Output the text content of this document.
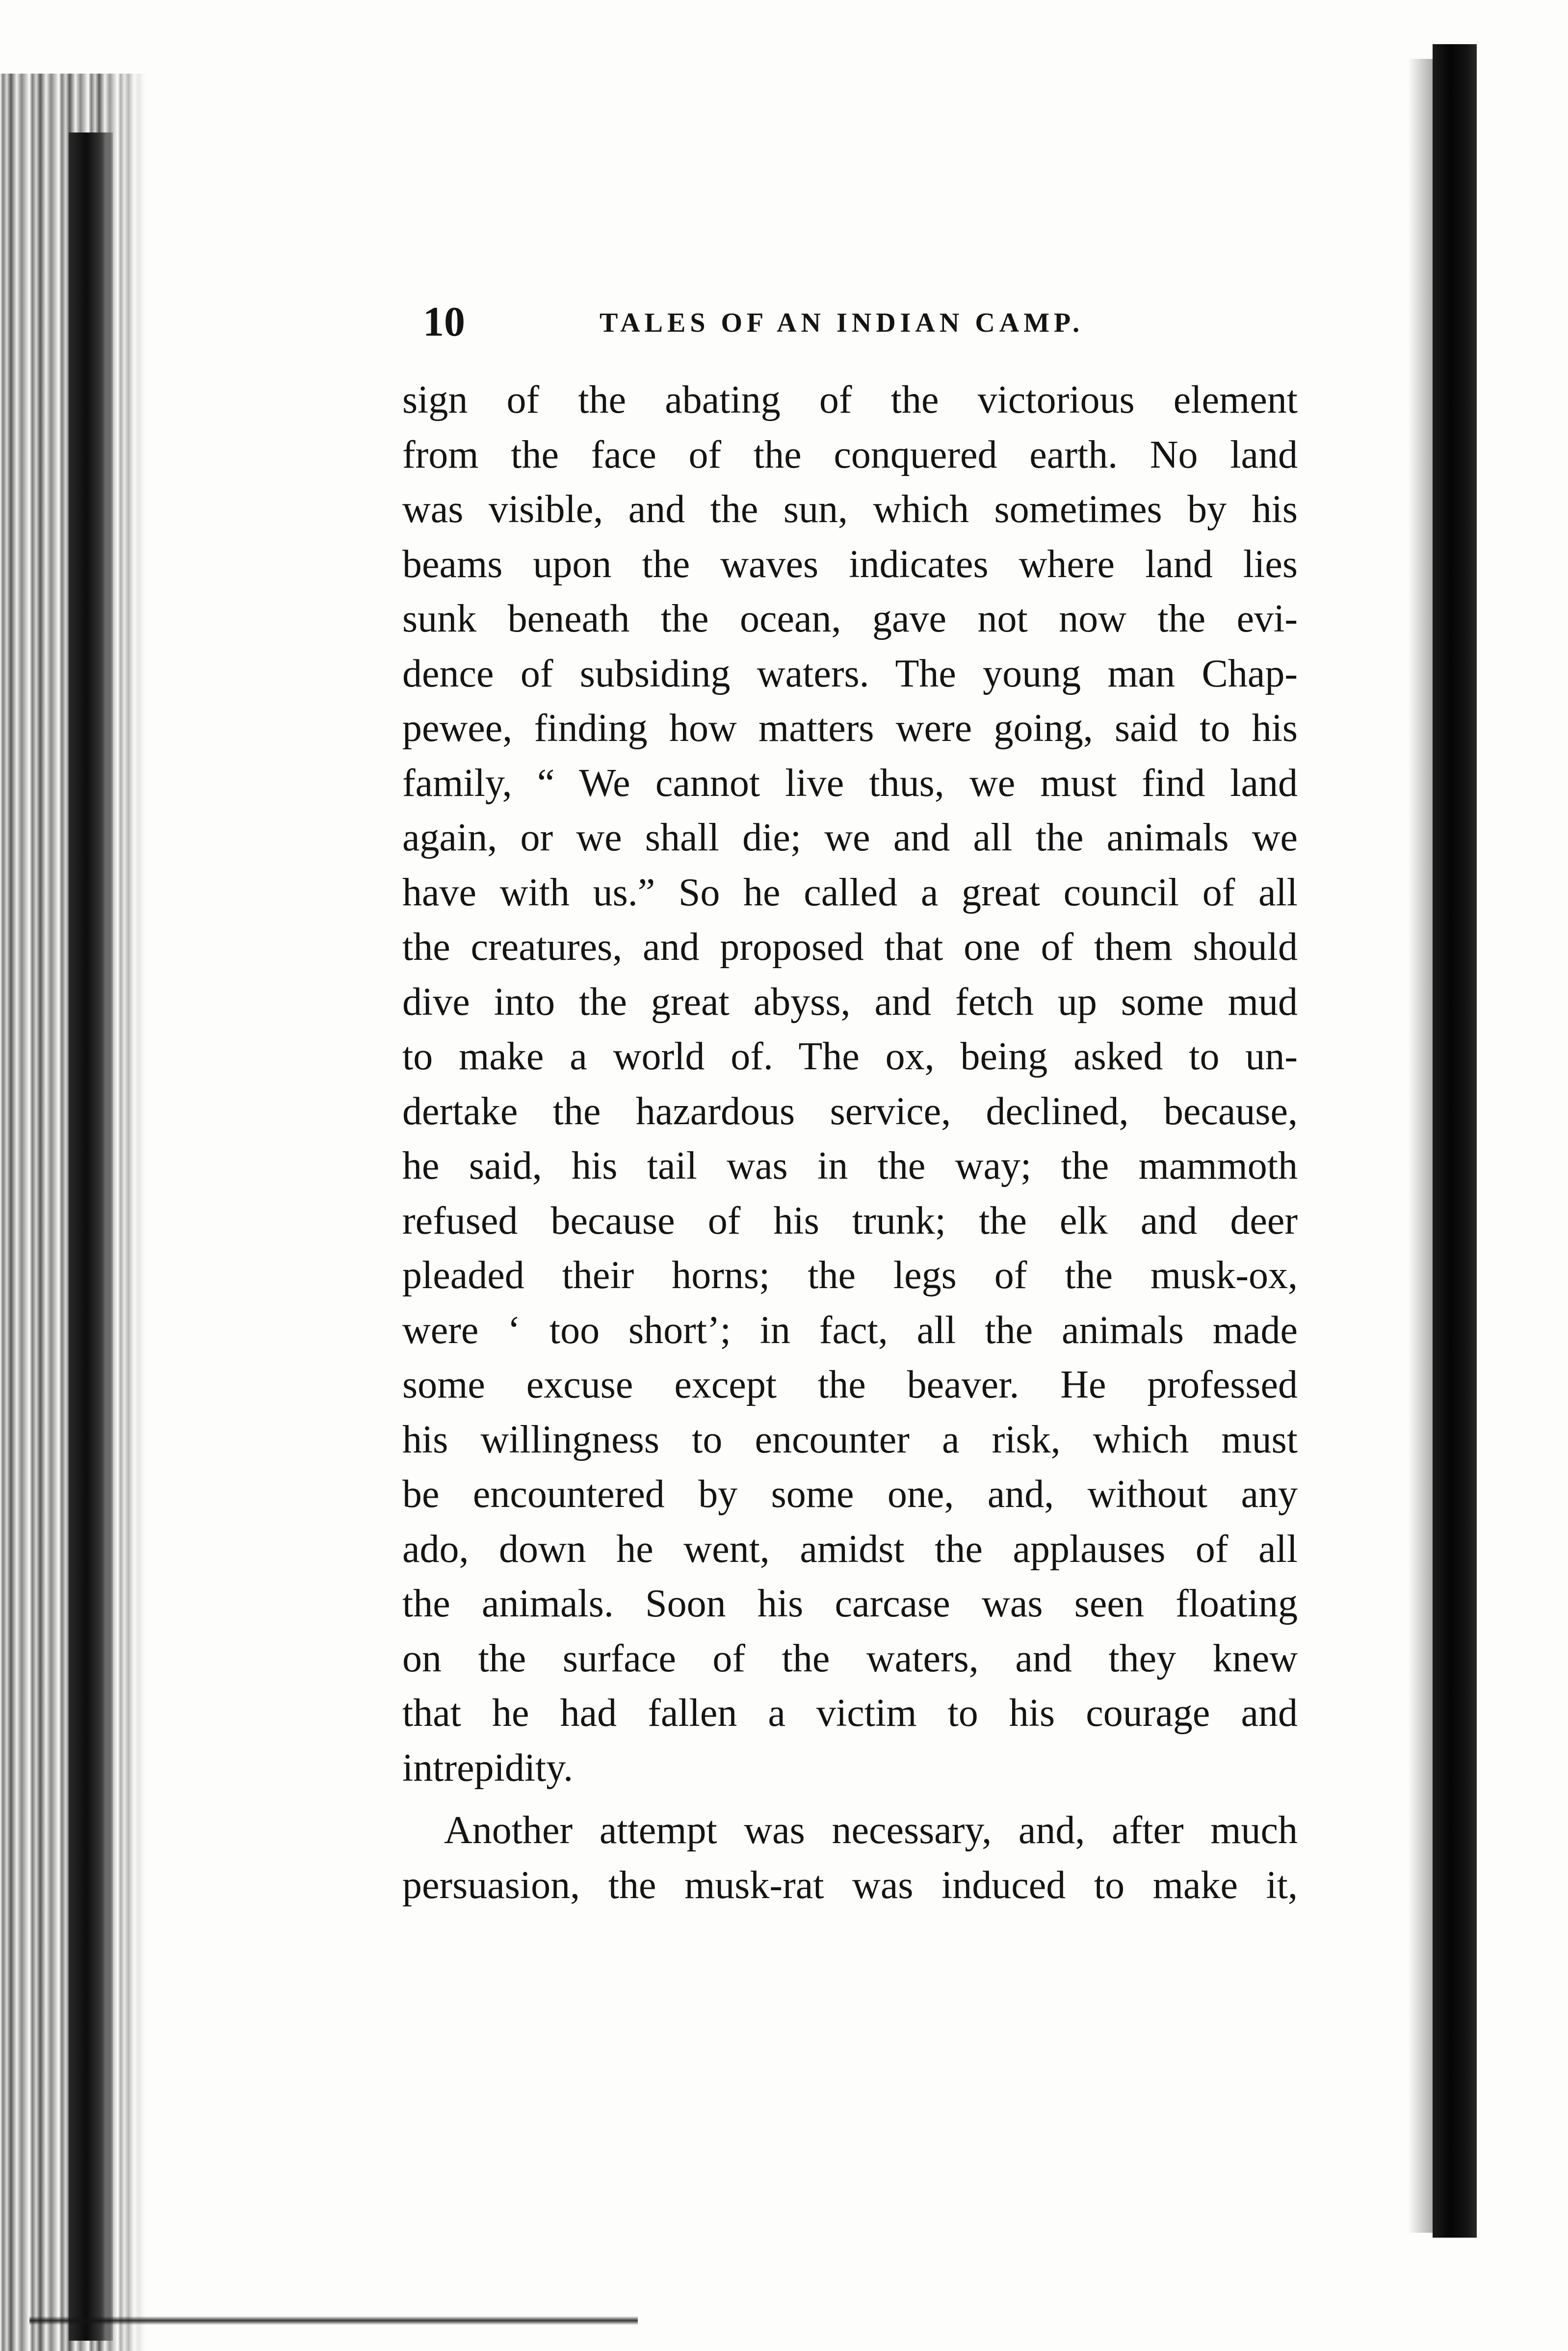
10	TALES OF AN INDIAN CAMP.
sign of the abating of the victorious element
from the face of the conquered earth. No land
was visible, and the sun, which sometimes by his
beams upon the waves indicates where land lies
sunk beneath the ocean, gave not now the evi-
dence of subsiding waters. The young man Chap-
pewee, finding how matters were going, said to his
family, “ We cannot live thus, we must find land
again, or we shall die; we and all the animals we
have with us.” So he called a great council of all
the creatures, and proposed that one of them should
dive into the great abyss, and fetch up some mud
to make a world of. The ox, being asked to un-
dertake the hazardous service, declined, because,
he said, his tail was in the way; the mammoth
refused because of his trunk; the elk and deer
pleaded their horns; the legs of the musk-ox,
were ‘ too short’; in fact, all the animals made
some excuse except the beaver. He professed
his willingness to encounter a risk, which must
be encountered by some one, and, without any
ado, down he went, amidst the applauses of all
the animals. Soon his carcase was seen floating
on the surface of the waters, and they knew
that he had fallen a victim to his courage and
intrepidity.
Another attempt was necessary, and, after much
persuasion, the musk-rat was induced to make it,
